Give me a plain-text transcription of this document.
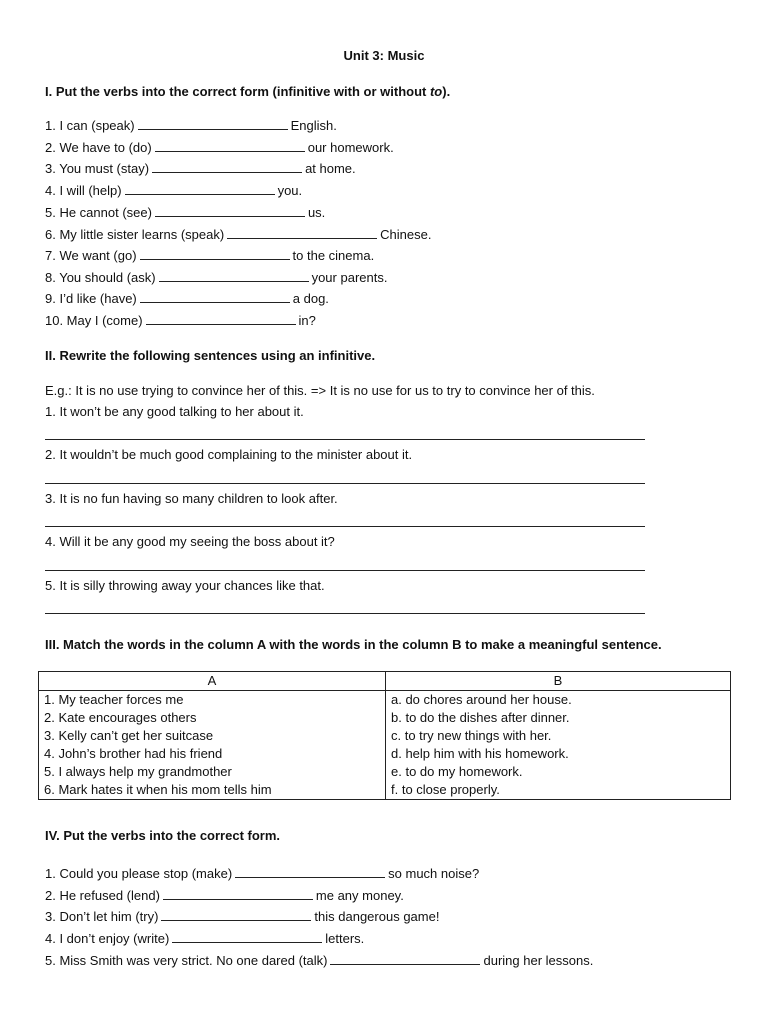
Unit 3: Music
I. Put the verbs into the correct form (infinitive with or without to).
1. I can (speak)	English.
2. We have to (do)	our homework.
3. You must (stay)	at home.
4. I will (help)	you.
5. He cannot (see)	us.
6. My little sister learns (speak)	Chinese.
7. We want (go)	to the cinema.
8. You should (ask)	your parents.
9. I’d like (have)	a dog.
10. May I (come)	in?
II. Rewrite the following sentences using an infinitive.
E.g.: It is no use trying to convince her of this. => It is no use for us to try to convince her of this.
1. It won’t be any good talking to her about it.
2. It wouldn’t be much good complaining to the minister about it.
3. It is no fun having so many children to look after.
4. Will it be any good my seeing the boss about it?
5. It is silly throwing away your chances like that.
III. Match the words in the column A with the words in the column B to make a meaningful sentence.
A	B
1. My teacher forces me	a. do chores around her house.
2. Kate encourages others	b. to do the dishes after dinner.
3. Kelly can’t get her suitcase	c. to try new things with her.
4. John’s brother had his friend	d. help him with his homework.
5. I always help my grandmother	e. to do my homework.
6. Mark hates it when his mom tells him	f. to close properly.
IV. Put the verbs into the correct form.
1. Could you please stop (make)	so much noise?
2. He refused (lend)	me any money.
3. Don’t let him (try)	this dangerous game!
4. I don’t enjoy (write)	letters.
5. Miss Smith was very strict. No one dared (talk)	during her lessons.
